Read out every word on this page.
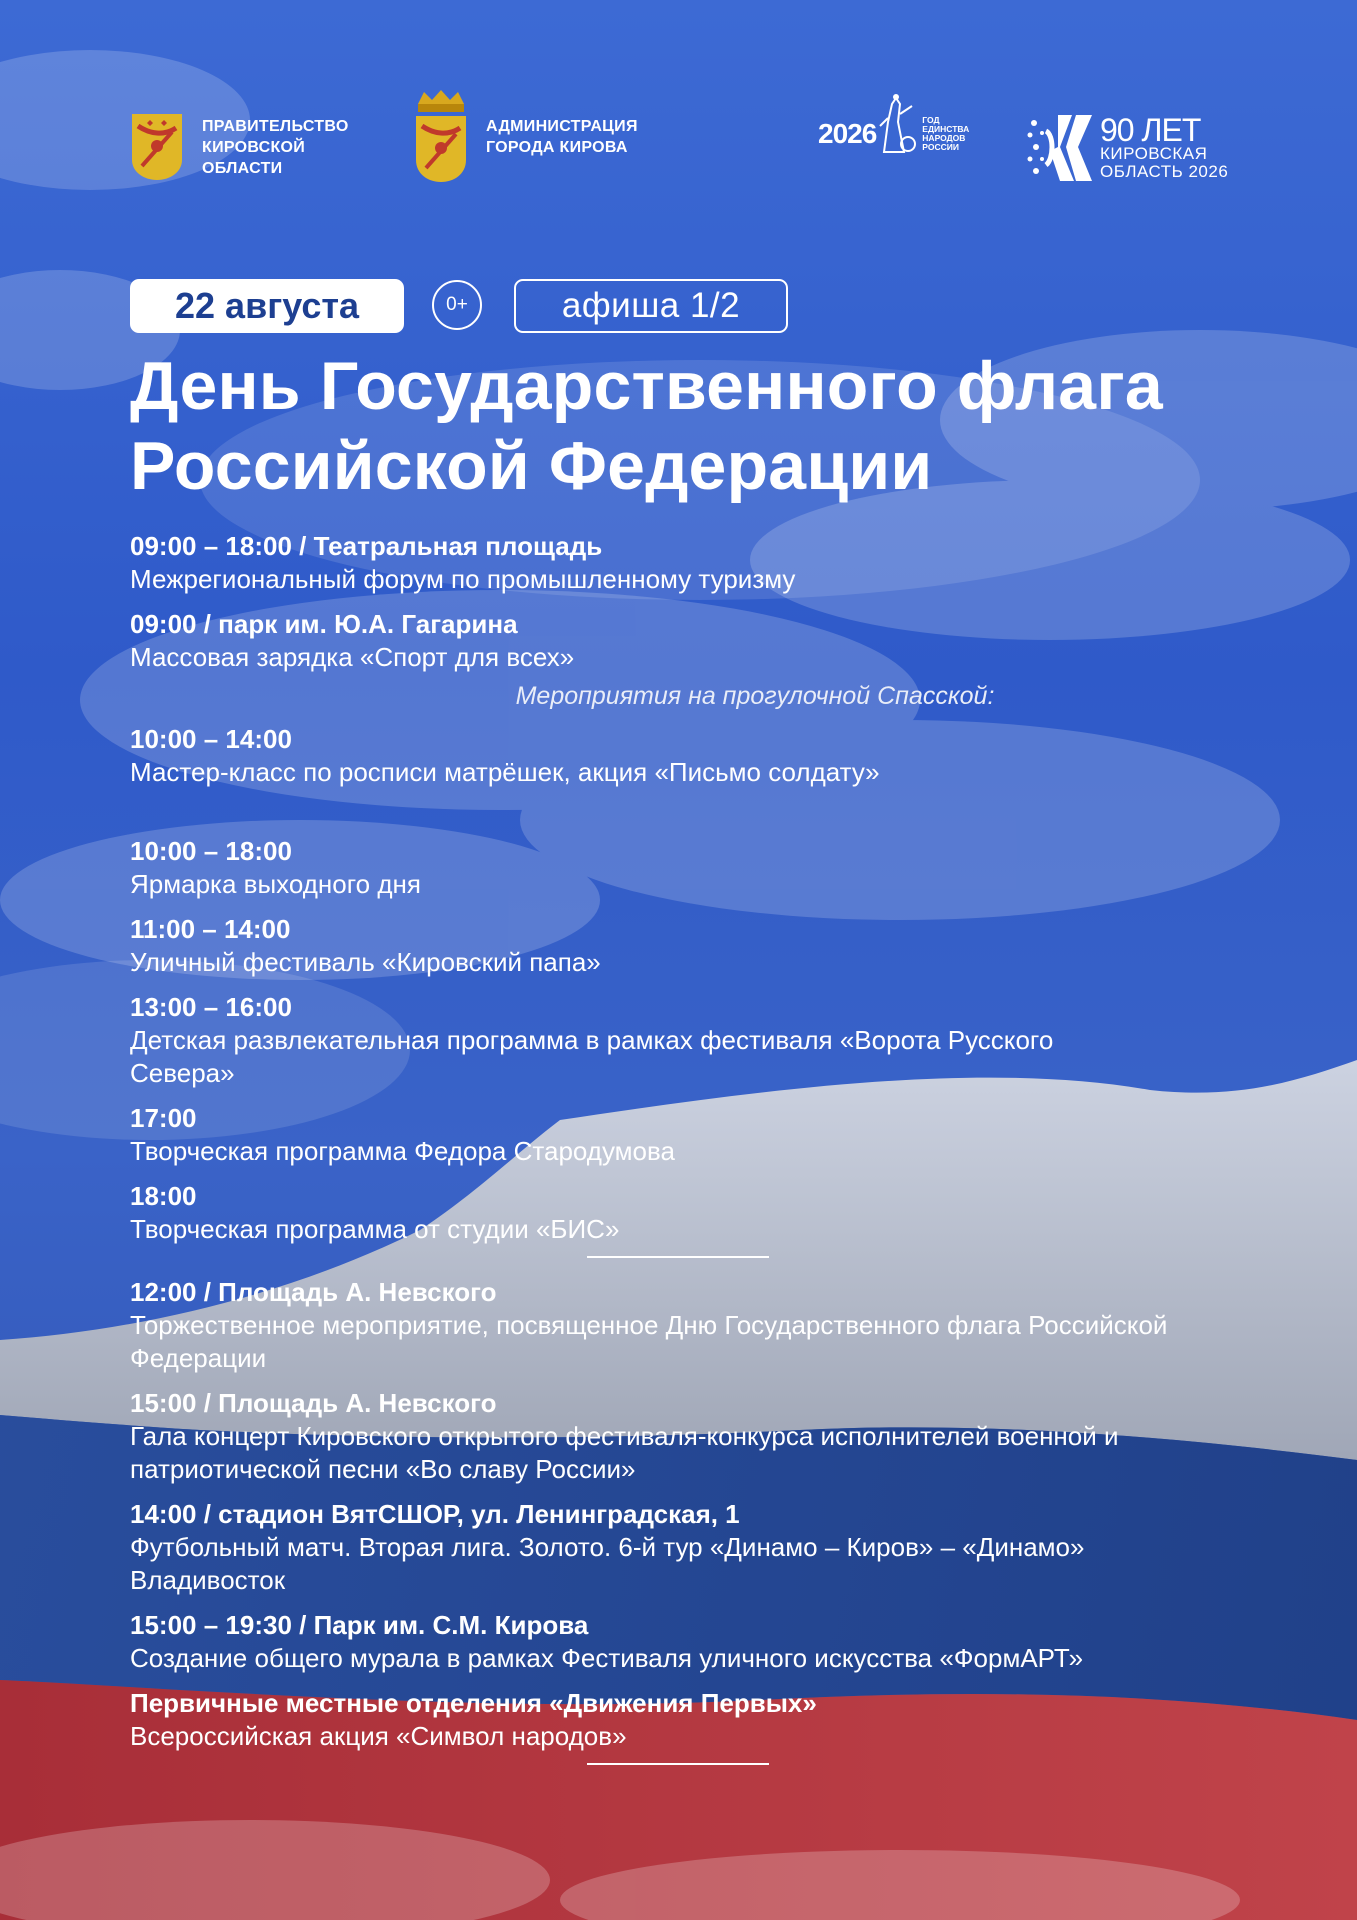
ПРАВИТЕЛЬСТВО
КИРОВСКОЙ
ОБЛАСТИ
АДМИНИСТРАЦИЯ
ГОРОДА КИРОВА	2026	ГОД
ЕДИНСТВА
НАРОДОВ
РОССИИ	90 ЛЕТ
КИРОВСКАЯ
ОБЛАСТЬ 2026
22 августа	0+	афиша 1/2
День Государственного флага
Российской Федерации
09:00 – 18:00 / Театральная площадь
Межрегиональный форум по промышленному туризму
09:00 / парк им. Ю.А. Гагарина
Массовая зарядка «Спорт для всех»
Мероприятия на прогулочной Спасской:
10:00 – 14:00
Мастер-класс по росписи матрёшек, акция «Письмо солдату»
10:00 – 18:00
Ярмарка выходного дня
11:00 – 14:00
Уличный фестиваль «Кировский папа»
13:00 – 16:00
Детская развлекательная программа в рамках фестиваля «Ворота Русского Севера»
17:00
Творческая программа Федора Стародумова
18:00
Творческая программа от студии «БИС»
12:00 / Площадь А. Невского
Торжественное мероприятие, посвященное Дню Государственного флага Российской Федерации
15:00 / Площадь А. Невского
Гала концерт Кировского открытого фестиваля-конкурса исполнителей военной и патриотической песни «Во славу России»
14:00 / стадион ВятСШОР, ул. Ленинградская, 1
Футбольный матч. Вторая лига. Золото. 6-й тур «Динамо – Киров» – «Динамо» Владивосток
15:00 – 19:30 / Парк им. С.М. Кирова
Создание общего мурала в рамках Фестиваля уличного искусства «ФормАРТ»
Первичные местные отделения «Движения Первых»
Всероссийская акция «Символ народов»
